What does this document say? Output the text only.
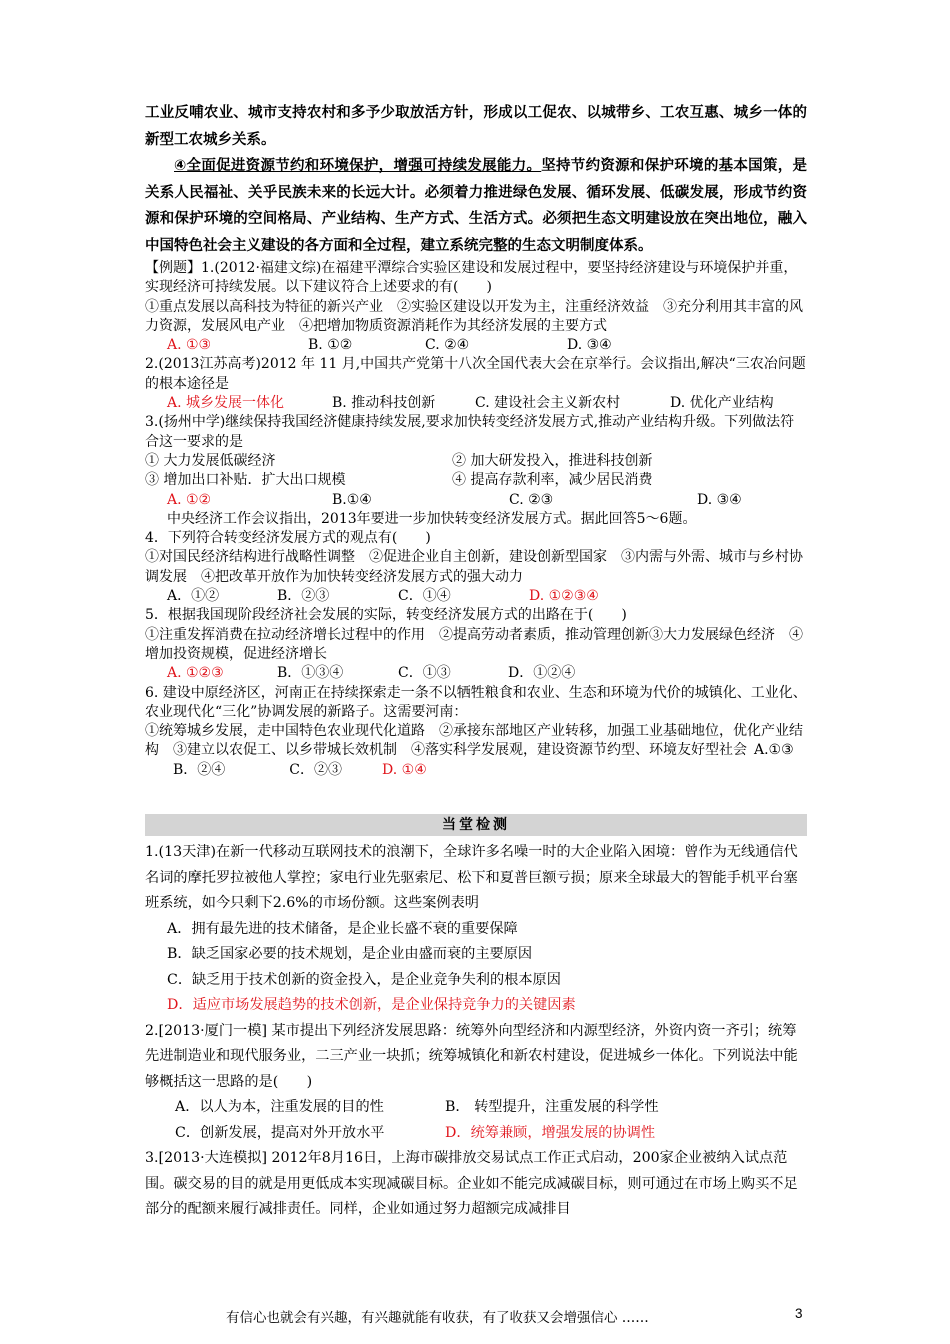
工业反哺农业、城市支持农村和多予少取放活方针，形成以工促农、以城带乡、工农互惠、城乡一体的新型工农城乡关系。

④全面促进资源节约和环境保护，增强可持续发展能力。坚持节约资源和保护环境的基本国策，是关系人民福祉、关乎民族未来的长远大计。必须着力推进绿色发展、循环发展、低碳发展，形成节约资源和保护环境的空间格局、产业结构、生产方式、生活方式。必须把生态文明建设放在突出地位，融入中国特色社会主义建设的各方面和全过程，建立系统完整的生态文明制度体系。

【例题】1.(2012·福建文综)在福建平潭综合实验区建设和发展过程中，要坚持经济建设与环境保护并重，实现经济可持续发展。以下建议符合上述要求的有(　　)

①重点发展以高科技为特征的新兴产业　②实验区建设以开发为主，注重经济效益　③充分利用其丰富的风力资源，发展风电产业　④把增加物质资源消耗作为其经济发展的主要方式

A. ①③	B. ①②	C. ②④	D. ③④

2.(2013江苏高考)2012 年 11 月,中国共产党第十八次全国代表大会在京举行。会议指出,解决“三农冶问题的根本途径是

A. 城乡发展一体化	B. 推动科技创新	C. 建设社会主义新农村	D. 优化产业结构

3.(扬州中学)继续保持我国经济健康持续发展,要求加快转变经济发展方式,推动产业结构升级。下列做法符合这一要求的是

① 大力发展低碳经济	② 加大研发投入，推进科技创新
③ 增加出口补贴．扩大出口规模	④ 提高存款利率，减少居民消费
A. ①②	B.①④	C. ②③	D. ③④

中央经济工作会议指出，2013年要进一步加快转变经济发展方式。据此回答5～6题。

4．下列符合转变经济发展方式的观点有(　　)

①对国民经济结构进行战略性调整　②促进企业自主创新，建设创新型国家　③内需与外需、城市与乡村协调发展　④把改革开放作为加快转变经济发展方式的强大动力

A．①②	B．②③	C．①④	D. ①②③④

5．根据我国现阶段经济社会发展的实际，转变经济发展方式的出路在于(　　)

①注重发挥消费在拉动经济增长过程中的作用　②提高劳动者素质，推动管理创新③大力发展绿色经济　④增加投资规模，促进经济增长

A. ①②③	B．①③④	C．①③	D．①②④

6. 建设中原经济区，河南正在持续探索走一条不以牺牲粮食和农业、生态和环境为代价的城镇化、工业化、农业现代化“三化”协调发展的新路子。这需要河南：

①统筹城乡发展，走中国特色农业现代化道路　②承接东部地区产业转移，加强工业基础地位，优化产业结构　③建立以农促工、以乡带城长效机制　④落实科学发展观，建设资源节约型、环境友好型社会  A.①③B．②④	C．②③	D. ①④

当堂检测

1.(13天津)在新一代移动互联网技术的浪潮下，全球许多名噪一时的大企业陷入困境：曾作为无线通信代名词的摩托罗拉被他人掌控；家电行业先驱索尼、松下和夏普巨额亏损；原来全球最大的智能手机平台塞班系统，如今只剩下2.6%的市场份额。这些案例表明

A．拥有最先进的技术储备，是企业长盛不衰的重要保障

B．缺乏国家必要的技术规划，是企业由盛而衰的主要原因

C．缺乏用于技术创新的资金投入，是企业竞争失利的根本原因

D．适应市场发展趋势的技术创新，是企业保持竞争力的关键因素

2.[2013·厦门一模] 某市提出下列经济发展思路：统筹外向型经济和内源型经济，外资内资一齐引；统筹先进制造业和现代服务业，二三产业一块抓；统筹城镇化和新农村建设，促进城乡一体化。下列说法中能够概括这一思路的是(　　)

A．以人为本，注重发展的目的性	B． 转型提升，注重发展的科学性
C．创新发展，提高对外开放水平	D．统筹兼顾，增强发展的协调性

3.[2013·大连模拟] 2012年8月16日，上海市碳排放交易试点工作正式启动，200家企业被纳入试点范围。碳交易的目的就是用更低成本实现减碳目标。企业如不能完成减碳目标，则可通过在市场上购买不足部分的配额来履行减排责任。同样，企业如通过努力超额完成减排目

有信心也就会有兴趣，有兴趣就能有收获，有了收获又会增强信心 ……	3
